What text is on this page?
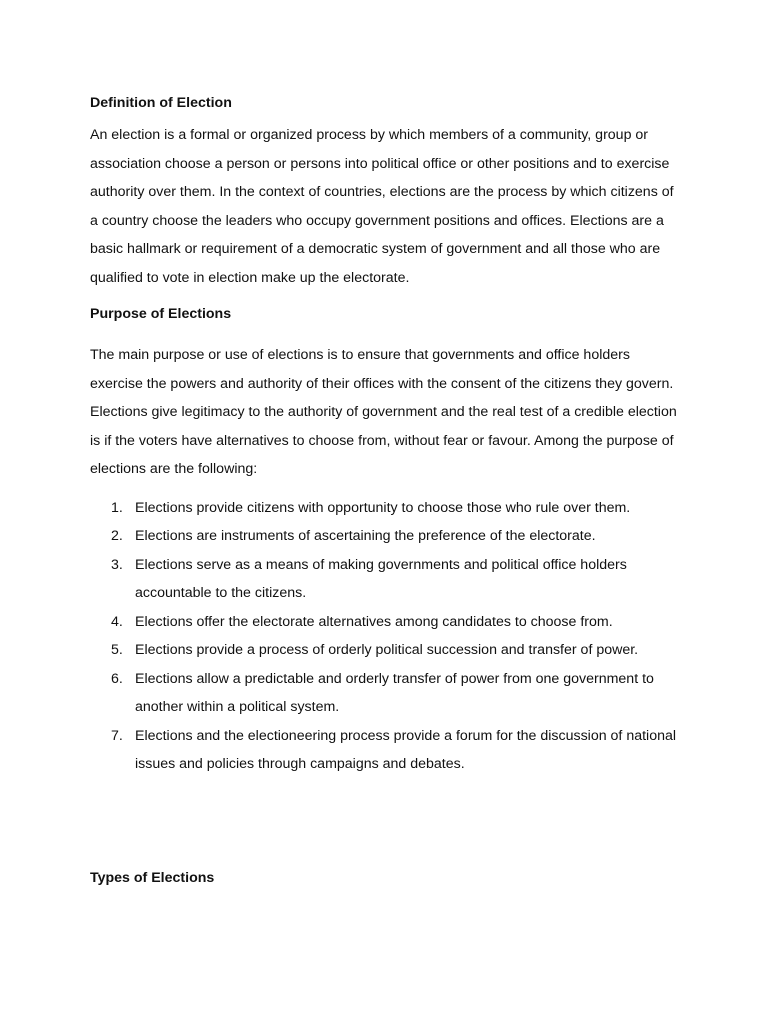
Definition of Election

An election is a formal or organized process by which members of a community, group or association choose a person or persons into political office or other positions and to exercise authority over them. In the context of countries, elections are the process by which citizens of a country choose the leaders who occupy government positions and offices. Elections are a basic hallmark or requirement of a democratic system of government and all those who are qualified to vote in election make up the electorate.

Purpose of Elections

The main purpose or use of elections is to ensure that governments and office holders exercise the powers and authority of their offices with the consent of the citizens they govern. Elections give legitimacy to the authority of government and the real test of a credible election is if the voters have alternatives to choose from, without fear or favour. Among the purpose of elections are the following:

1. Elections provide citizens with opportunity to choose those who rule over them.
2. Elections are instruments of ascertaining the preference of the electorate.
3. Elections serve as a means of making governments and political office holders accountable to the citizens.
4. Elections offer the electorate alternatives among candidates to choose from.
5. Elections provide a process of orderly political succession and transfer of power.
6. Elections allow a predictable and orderly transfer of power from one government to another within a political system.
7. Elections and the electioneering process provide a forum for the discussion of national issues and policies through campaigns and debates.

Types of Elections
